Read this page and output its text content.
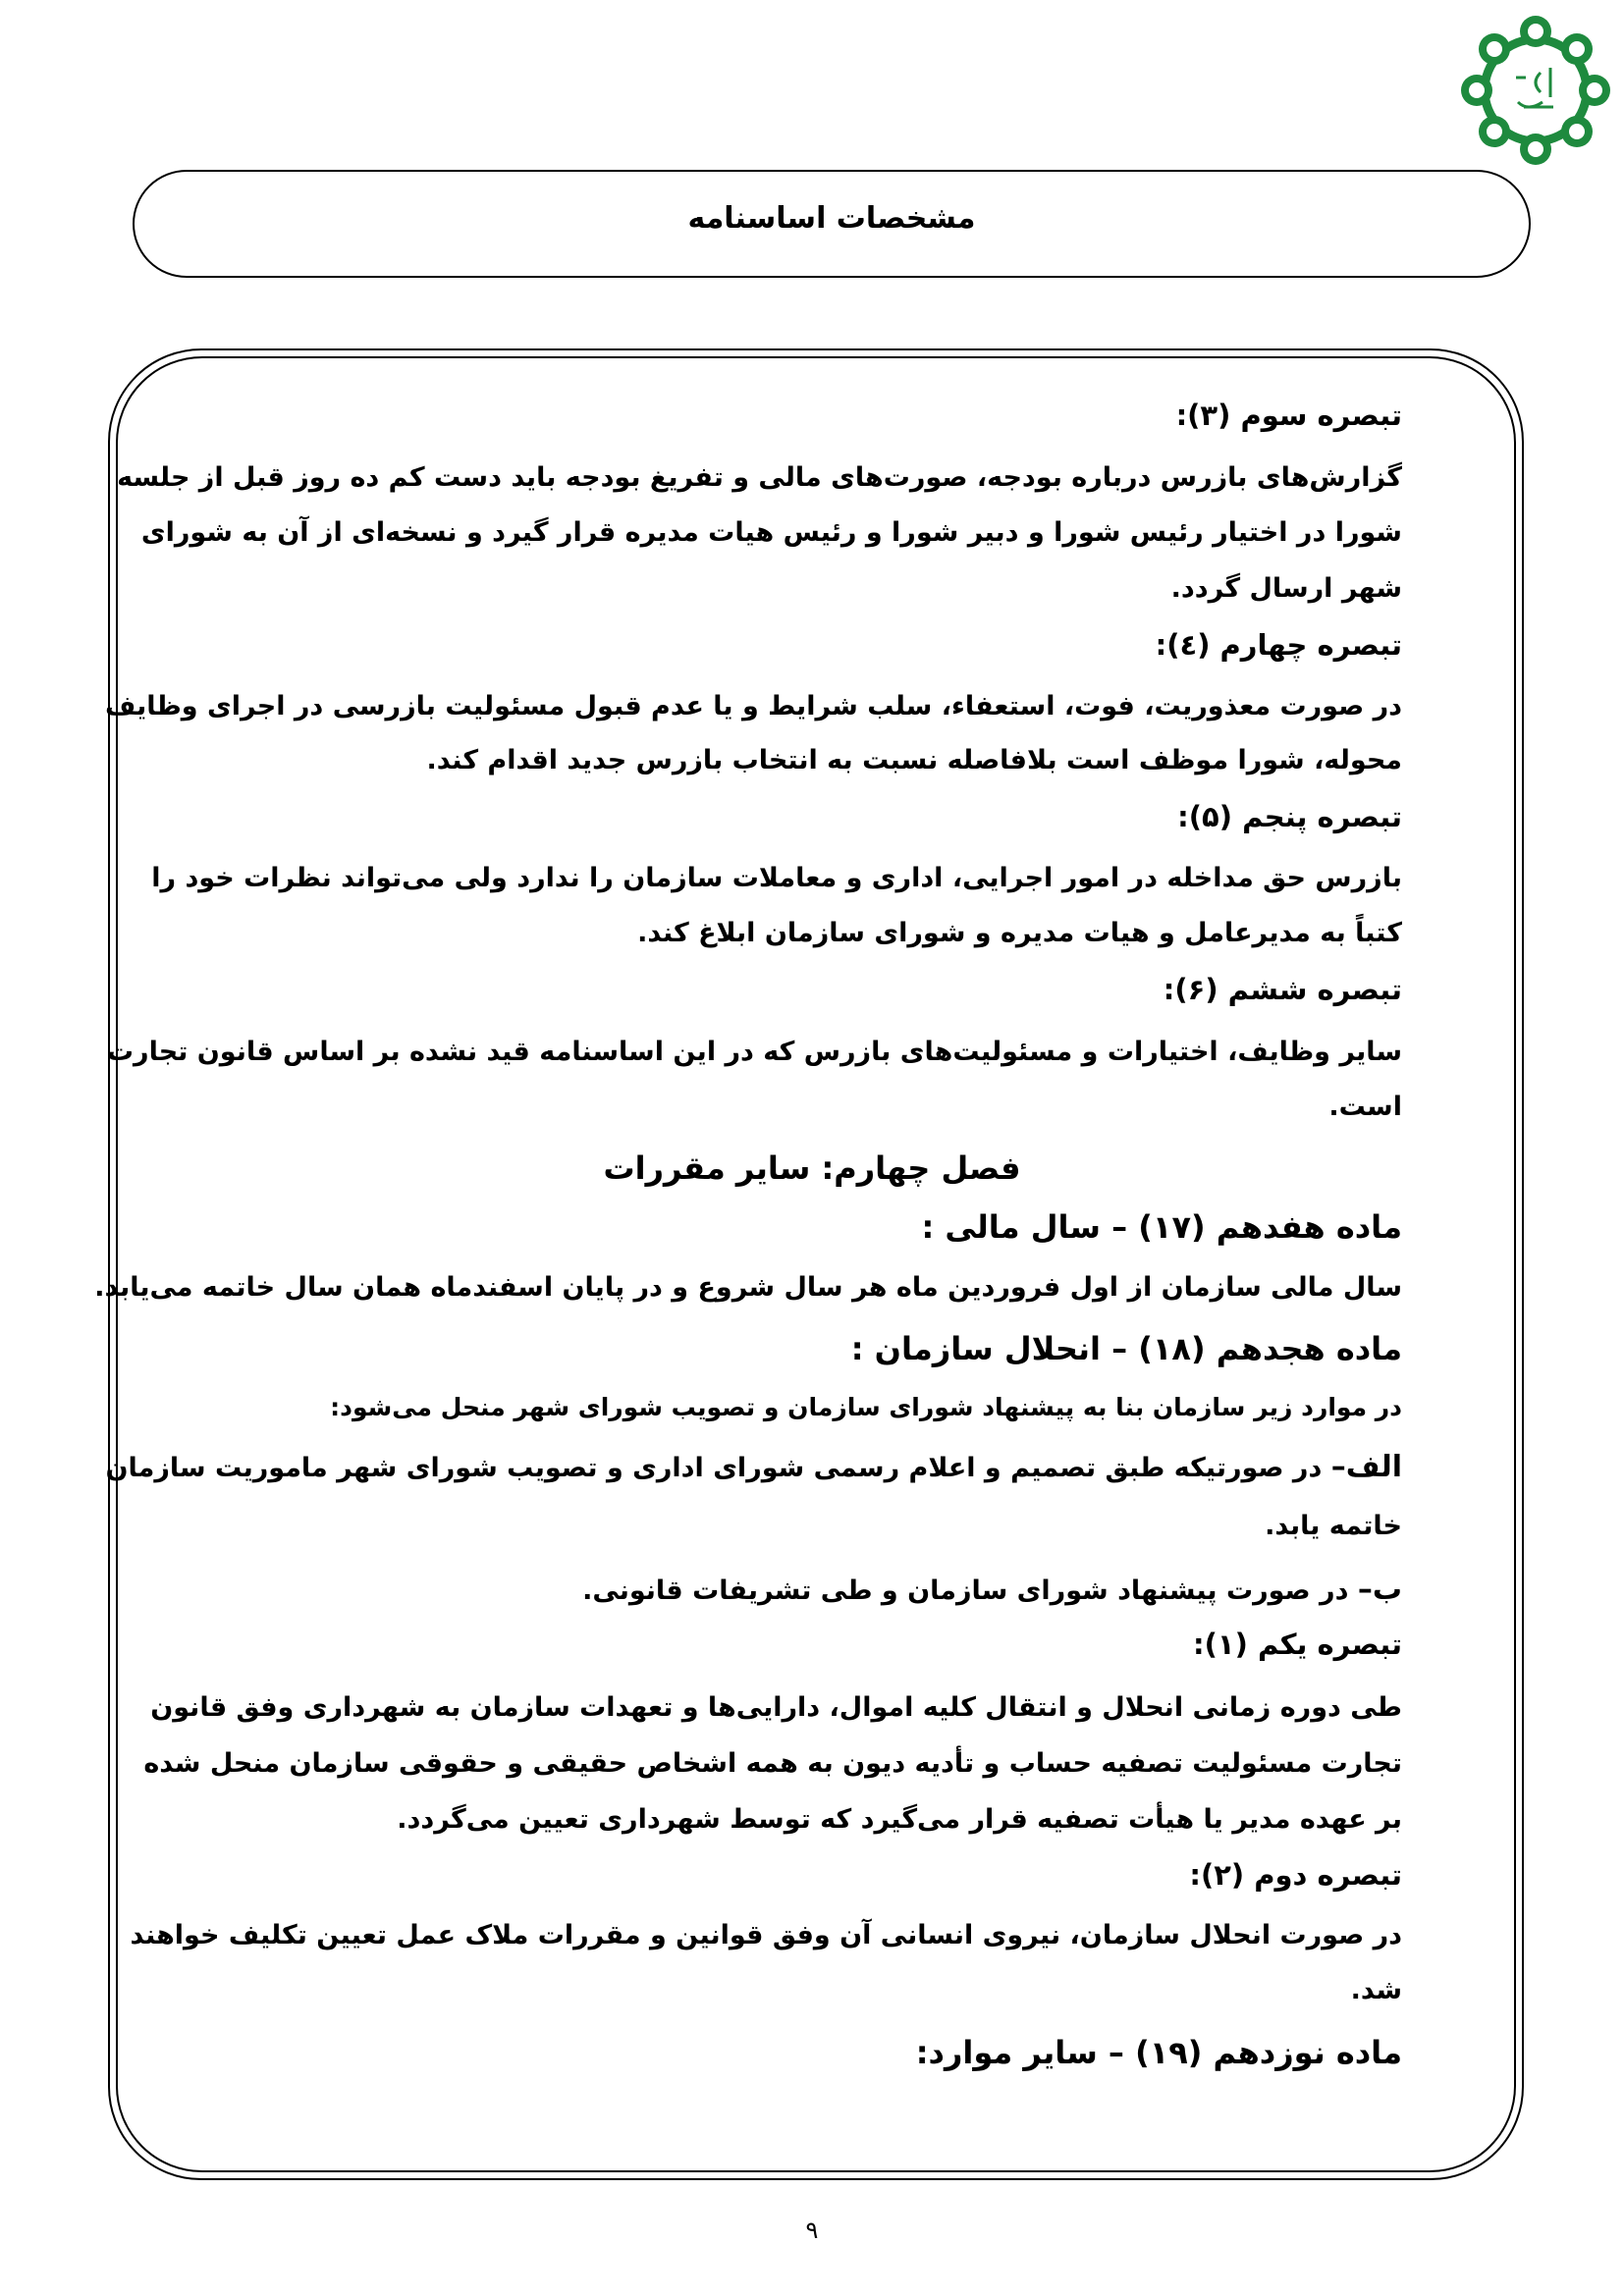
مشخصات اساسنامه
تبصره سوم (۳):
گزارش‌های بازرس درباره بودجه، صورت‌های مالی و تفریغ بودجه باید دست کم ده روز قبل از جلسه
شورا در اختیار رئیس شورا و دبیر شورا و رئیس هیات مدیره قرار گیرد و نسخه‌ای از آن به شورای
شهر ارسال گردد.
تبصره چهارم (٤):
در صورت معذوریت، فوت، استعفاء، سلب شرایط و یا عدم قبول مسئولیت بازرسی در اجرای وظایف
محوله، شورا موظف است بلافاصله نسبت به انتخاب بازرس جدید اقدام کند.
تبصره پنجم (۵):
بازرس حق مداخله در امور اجرایی، اداری و معاملات سازمان را ندارد ولی می‌تواند نظرات خود را
کتباً به مدیرعامل و هیات مدیره و شورای سازمان ابلاغ کند.
تبصره ششم (۶):
سایر وظایف، اختیارات و مسئولیت‌های بازرس که در این اساسنامه قید نشده بر اساس قانون تجارت
است.
فصل چهارم: سایر مقررات
ماده هفدهم (۱۷) – سال مالی :
سال مالی سازمان از اول فروردین ماه هر سال شروع و در پایان اسفندماه همان سال خاتمه می‌یابد.
ماده هجدهم (۱۸) – انحلال سازمان :
در موارد زیر سازمان بنا به پیشنهاد شورای سازمان و تصویب شورای شهر منحل می‌شود:
الف– در صورتیکه طبق تصمیم و اعلام رسمی شورای اداری و تصویب شورای شهر ماموریت سازمان
خاتمه یابد.
ب– در صورت پیشنهاد شورای سازمان و طی تشریفات قانونی.
تبصره یکم (۱):
طی دوره زمانی انحلال و انتقال کلیه اموال، دارایی‌ها و تعهدات سازمان به شهرداری وفق قانون
تجارت مسئولیت تصفیه حساب و تأدیه دیون به همه اشخاص حقیقی و حقوقی سازمان منحل شده
بر عهده مدیر یا هیأت تصفیه قرار می‌گیرد که توسط شهرداری تعیین می‌گردد.
تبصره دوم (۲):
در صورت انحلال سازمان، نیروی انسانی آن وفق قوانین و مقررات ملاک عمل تعیین تکلیف خواهند
شد.
ماده نوزدهم (۱۹) – سایر موارد:
۹
